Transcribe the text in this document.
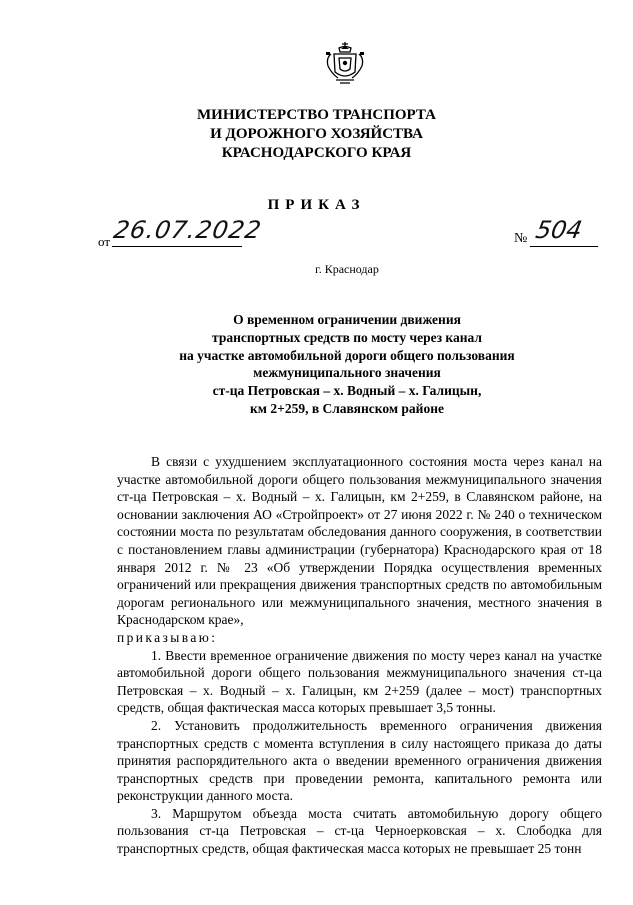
МИНИСТЕРСТВО ТРАНСПОРТА
И ДОРОЖНОГО ХОЗЯЙСТВА
КРАСНОДАРСКОГО КРАЯ
ПРИКАЗ
от 26.07.2022	№ 504
г. Краснодар
О временном ограничении движения
транспортных средств по мосту через канал
на участке автомобильной дороги общего пользования
межмуниципального значения
ст-ца Петровская – х. Водный – х. Галицын,
км 2+259, в Славянском районе

В связи с ухудшением эксплуатационного состояния моста через канал на участке автомобильной дороги общего пользования межмуниципального значения ст-ца Петровская – х. Водный – х. Галицын, км 2+259, в Славянском районе, на основании заключения АО «Стройпроект» от 27 июня 2022 г. № 240 о техническом состоянии моста по результатам обследования данного сооружения, в соответствии с постановлением главы администрации (губернатора) Краснодарского края от 18 января 2012 г. № 23 «Об утверждении Порядка осуществления временных ограничений или прекращения движения транспортных средств по автомобильным дорогам регионального или межмуниципального значения, местного значения в Краснодарском крае»,

приказываю:

1. Ввести временное ограничение движения по мосту через канал на участке автомобильной дороги общего пользования межмуниципального значения ст-ца Петровская – х. Водный – х. Галицын, км 2+259 (далее – мост) транспортных средств, общая фактическая масса которых превышает 3,5 тонны.

2. Установить продолжительность временного ограничения движения транспортных средств с момента вступления в силу настоящего приказа до даты принятия распорядительного акта о введении временного ограничения движения транспортных средств при проведении ремонта, капитального ремонта или реконструкции данного моста.

3. Маршрутом объезда моста считать автомобильную дорогу общего пользования ст-ца Петровская – ст-ца Черноерковская – х. Слободка для транспортных средств, общая фактическая масса которых не превышает 25 тонн
